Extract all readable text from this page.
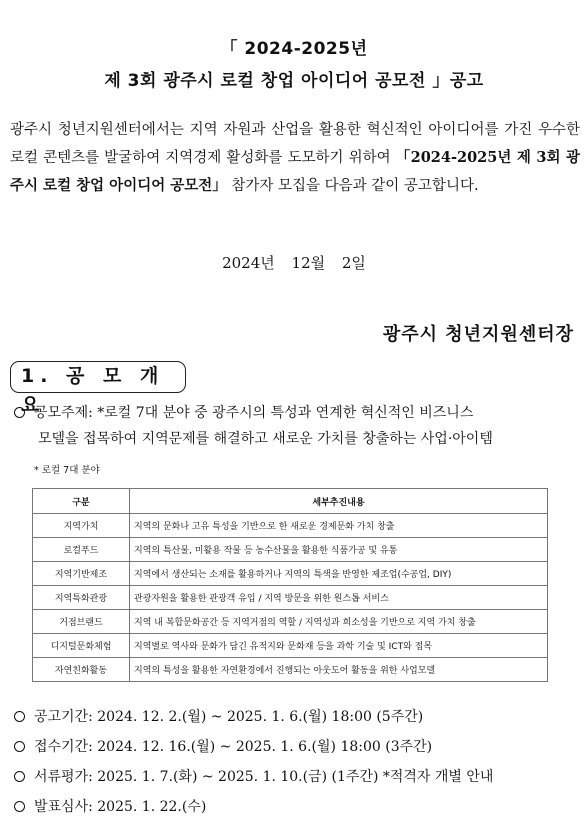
「 2024-2025년
제 3회 광주시 로컬 창업 아이디어 공모전 」공고
광주시 청년지원센터에서는 지역 자원과 산업을 활용한 혁신적인 아이디어를 가진 우수한 로컬 콘텐츠를 발굴하여 지역경제 활성화를 도모하기 위하여 「2024-2025년 제 3회 광주시 로컬 창업 아이디어 공모전」 참가자 모집을 다음과 같이 공고합니다.
2024년 12월 2일
광주시 청년지원센터장
1. 공 모 개 요
공모주제: *로컬 7대 분야 중 광주시의 특성과 연계한 혁신적인 비즈니스
모델을 접목하여 지역문제를 해결하고 새로운 가치를 창출하는 사업·아이템
* 로컬 7대 분야
구분	세부추진내용
지역가치	지역의 문화나 고유 특성을 기반으로 한 새로운 경제문화 가치 창출
로컬푸드	지역의 특산물, 미활용 작물 등 농수산물을 활용한 식품가공 및 유통
지역기반제조	지역에서 생산되는 소재를 활용하거나 지역의 특색을 반영한 제조업(수공업, DIY)
지역특화관광	관광자원을 활용한 관광객 유입 / 지역 방문을 위한 원스톱 서비스
거점브랜드	지역 내 복합문화공간 등 지역거점의 역할 / 지역성과 희소성을 기반으로 지역 가치 창출
디지털문화체험	지역별로 역사와 문화가 담긴 유적지와 문화재 등을 과학 기술 및 ICT와 접목
자연친화활동	지역의 특성을 활용한 자연환경에서 진행되는 아웃도어 활동을 위한 사업모델
공고기간: 2024. 12. 2.(월) ~ 2025. 1. 6.(월) 18:00 (5주간)
접수기간: 2024. 12. 16.(월) ~ 2025. 1. 6.(월) 18:00 (3주간)
서류평가: 2025. 1. 7.(화) ~ 2025. 1. 10.(금) (1주간) *적격자 개별 안내
발표심사: 2025. 1. 22.(수)
